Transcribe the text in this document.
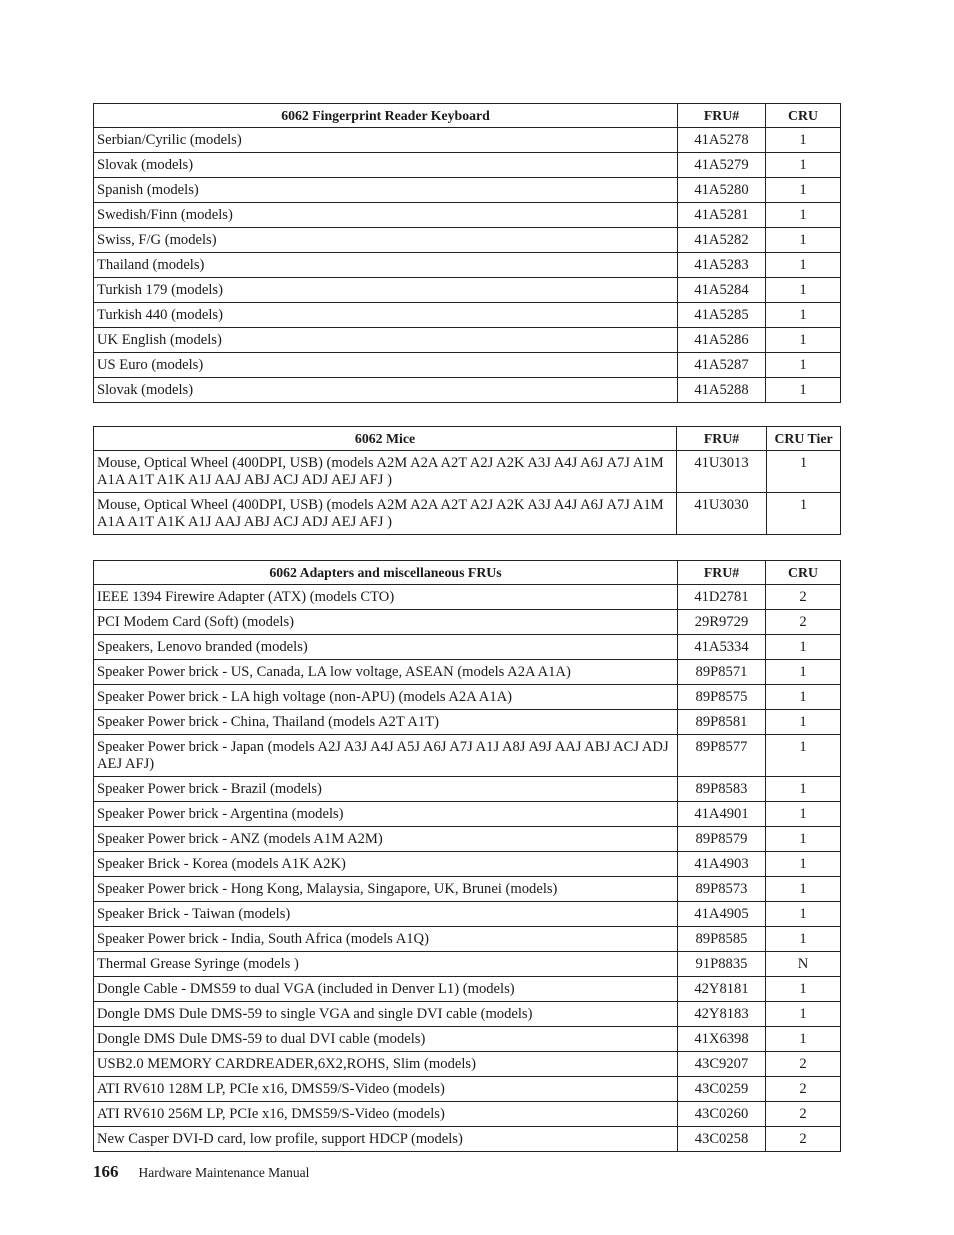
6062 Fingerprint Reader Keyboard	FRU#	CRU
Serbian/Cyrilic (models)	41A5278	1
Slovak (models)	41A5279	1
Spanish (models)	41A5280	1
Swedish/Finn (models)	41A5281	1
Swiss, F/G (models)	41A5282	1
Thailand (models)	41A5283	1
Turkish 179 (models)	41A5284	1
Turkish 440 (models)	41A5285	1
UK English (models)	41A5286	1
US Euro (models)	41A5287	1
Slovak (models)	41A5288	1
6062 Mice	FRU#	CRU Tier
Mouse, Optical Wheel (400DPI, USB) (models A2M A2A A2T A2J A2K A3J A4J A6J A7J A1M A1A A1T A1K A1J AAJ ABJ ACJ ADJ AEJ AFJ )	41U3013	1
Mouse, Optical Wheel (400DPI, USB) (models A2M A2A A2T A2J A2K A3J A4J A6J A7J A1M A1A A1T A1K A1J AAJ ABJ ACJ ADJ AEJ AFJ )	41U3030	1
6062 Adapters and miscellaneous FRUs	FRU#	CRU
IEEE 1394 Firewire Adapter (ATX) (models CTO)	41D2781	2
PCI Modem Card (Soft) (models)	29R9729	2
Speakers, Lenovo branded (models)	41A5334	1
Speaker Power brick - US, Canada, LA low voltage, ASEAN (models A2A A1A)	89P8571	1
Speaker Power brick - LA high voltage (non-APU) (models A2A A1A)	89P8575	1
Speaker Power brick - China, Thailand (models A2T A1T)	89P8581	1
Speaker Power brick - Japan (models A2J A3J A4J A5J A6J A7J A1J A8J A9J AAJ ABJ ACJ ADJ AEJ AFJ)	89P8577	1
Speaker Power brick - Brazil (models)	89P8583	1
Speaker Power brick - Argentina (models)	41A4901	1
Speaker Power brick - ANZ (models A1M A2M)	89P8579	1
Speaker Brick - Korea (models A1K A2K)	41A4903	1
Speaker Power brick - Hong Kong, Malaysia, Singapore, UK, Brunei (models)	89P8573	1
Speaker Brick - Taiwan (models)	41A4905	1
Speaker Power brick - India, South Africa (models A1Q)	89P8585	1
Thermal Grease Syringe (models )	91P8835	N
Dongle Cable - DMS59 to dual VGA (included in Denver L1) (models)	42Y8181	1
Dongle DMS Dule DMS-59 to single VGA and single DVI cable (models)	42Y8183	1
Dongle DMS Dule DMS-59 to dual DVI cable (models)	41X6398	1
USB2.0 MEMORY CARDREADER,6X2,ROHS, Slim (models)	43C9207	2
ATI RV610 128M LP, PCIe x16, DMS59/S-Video (models)	43C0259	2
ATI RV610 256M LP, PCIe x16, DMS59/S-Video (models)	43C0260	2
New Casper DVI-D card, low profile, support HDCP (models)	43C0258	2
166 Hardware Maintenance Manual
